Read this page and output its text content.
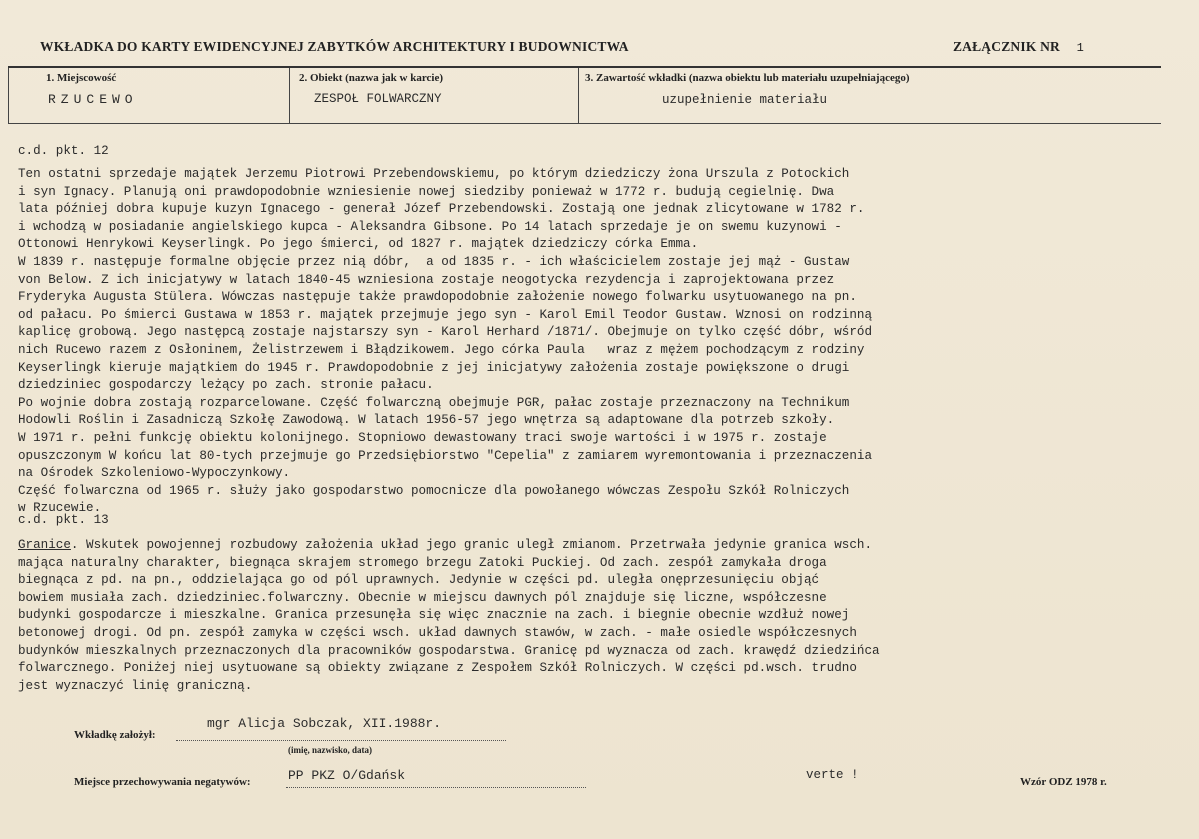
WKŁADKA DO KARTY EWIDENCYJNEJ ZABYTKÓW ARCHITEKTURY I BUDOWNICTWA	ZAŁĄCZNIK NR 1
1. Miejscowość
RZUCEWO
2. Obiekt (nazwa jak w karcie)
ZESPOŁ FOLWARCZNY
3. Zawartość wkładki (nazwa obiektu lub materiału uzupełniającego)
uzupełnienie materiału
c.d. pkt. 12
Ten ostatni sprzedaje majątek Jerzemu Piotrowi Przebendowskiemu, po którym dziedziczy żona Urszula z Potockich
i syn Ignacy. Planują oni prawdopodobnie wzniesienie nowej siedziby ponieważ w 1772 r. budują cegielnię. Dwa
lata później dobra kupuje kuzyn Ignacego - generał Józef Przebendowski. Zostają one jednak zlicytowane w 1782 r.
i wchodzą w posiadanie angielskiego kupca - Aleksandra Gibsone. Po 14 latach sprzedaje je on swemu kuzynowi -
Ottonowi Henrykowi Keyserlingk. Po jego śmierci, od 1827 r. majątek dziedziczy córka Emma.
W 1839 r. następuje formalne objęcie przez nią dóbr,  a od 1835 r. - ich właścicielem zostaje jej mąż - Gustaw
von Below. Z ich inicjatywy w latach 1840-45 wzniesiona zostaje neogotycka rezydencja i zaprojektowana przez
Fryderyka Augusta Stülera. Wówczas następuje także prawdopodobnie założenie nowego folwarku usytuowanego na pn.
od pałacu. Po śmierci Gustawa w 1853 r. majątek przejmuje jego syn - Karol Emil Teodor Gustaw. Wznosi on rodzinną
kaplicę grobową. Jego następcą zostaje najstarszy syn - Karol Herhard /1871/. Obejmuje on tylko część dóbr, wśród
nich Rucewo razem z Osłoninem, Żelistrzewem i Błądzikowem. Jego córka Paula   wraz z mężem pochodzącym z rodziny
Keyserlingk kieruje majątkiem do 1945 r. Prawdopodobnie z jej inicjatywy założenia zostaje powiększone o drugi
dziedziniec gospodarczy leżący po zach. stronie pałacu.
Po wojnie dobra zostają rozparcelowane. Część folwarczną obejmuje PGR, pałac zostaje przeznaczony na Technikum
Hodowli Roślin i Zasadniczą Szkołę Zawodową. W latach 1956-57 jego wnętrza są adaptowane dla potrzeb szkoły.
W 1971 r. pełni funkcję obiektu kolonijnego. Stopniowo dewastowany traci swoje wartości i w 1975 r. zostaje
opuszczonym W końcu lat 80-tych przejmuje go Przedsiębiorstwo "Cepelia" z zamiarem wyremontowania i przeznaczenia
na Ośrodek Szkoleniowo-Wypoczynkowy.
Część folwarczna od 1965 r. służy jako gospodarstwo pomocnicze dla powołanego wówczas Zespołu Szkół Rolniczych
w Rzucewie.
c.d. pkt. 13
Granice. Wskutek powojennej rozbudowy założenia układ jego granic uległ zmianom. Przetrwała jedynie granica wsch.
mająca naturalny charakter, biegnąca skrajem stromego brzegu Zatoki Puckiej. Od zach. zespół zamykała droga
biegnąca z pd. na pn., oddzielająca go od pól uprawnych. Jedynie w części pd. uległa onęprzesunięciu objąć
bowiem musiała zach. dziedziniec.folwarczny. Obecnie w miejscu dawnych pól znajduje się liczne, współczesne
budynki gospodarcze i mieszkalne. Granica przesunęła się więc znacznie na zach. i biegnie obecnie wzdłuż nowej
betonowej drogi. Od pn. zespół zamyka w części wsch. układ dawnych stawów, w zach. - małe osiedle współczesnych
budynków mieszkalnych przeznaczonych dla pracowników gospodarstwa. Granicę pd wyznacza od zach. krawędź dziedzińca
folwarcznego. Poniżej niej usytuowane są obiekty związane z Zespołem Szkół Rolniczych. W części pd.wsch. trudno
jest wyznaczyć linię graniczną.
Wkładkę założył:
mgr Alicja Sobczak, XII.1988r.
(imię, nazwisko, data)
Miejsce przechowywania negatywów:	PP PKZ O/Gdańsk	verte !	Wzór ODZ 1978 r.
